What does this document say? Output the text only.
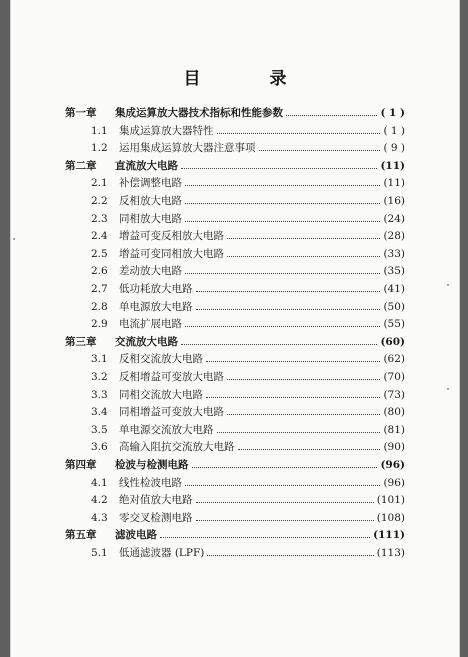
目　录
第一章 集成运算放大器技术指标和性能参数	( 1 )
1.1 集成运算放大器特性	( 1 )
1.2 运用集成运算放大器注意事项	( 9 )
第二章 直流放大电路	(11)
2.1 补偿调整电路	(11)
2.2 反相放大电路	(16)
2.3 同相放大电路	(24)
2.4 增益可变反相放大电路	(28)
2.5 增益可变同相放大电路	(33)
2.6 差动放大电路	(35)
2.7 低功耗放大电路	(41)
2.8 单电源放大电路	(50)
2.9 电流扩展电路	(55)
第三章 交流放大电路	(60)
3.1 反相交流放大电路	(62)
3.2 反相增益可变放大电路	(70)
3.3 同相交流放大电路	(73)
3.4 同相增益可变放大电路	(80)
3.5 单电源交流放大电路	(81)
3.6 高输入阻抗交流放大电路	(90)
第四章 检波与检测电路	(96)
4.1 线性检波电路	(96)
4.2 绝对值放大电路	(101)
4.3 零交叉检测电路	(108)
第五章 滤波电路	(111)
5.1 低通滤波器 (LPF)	(113)
